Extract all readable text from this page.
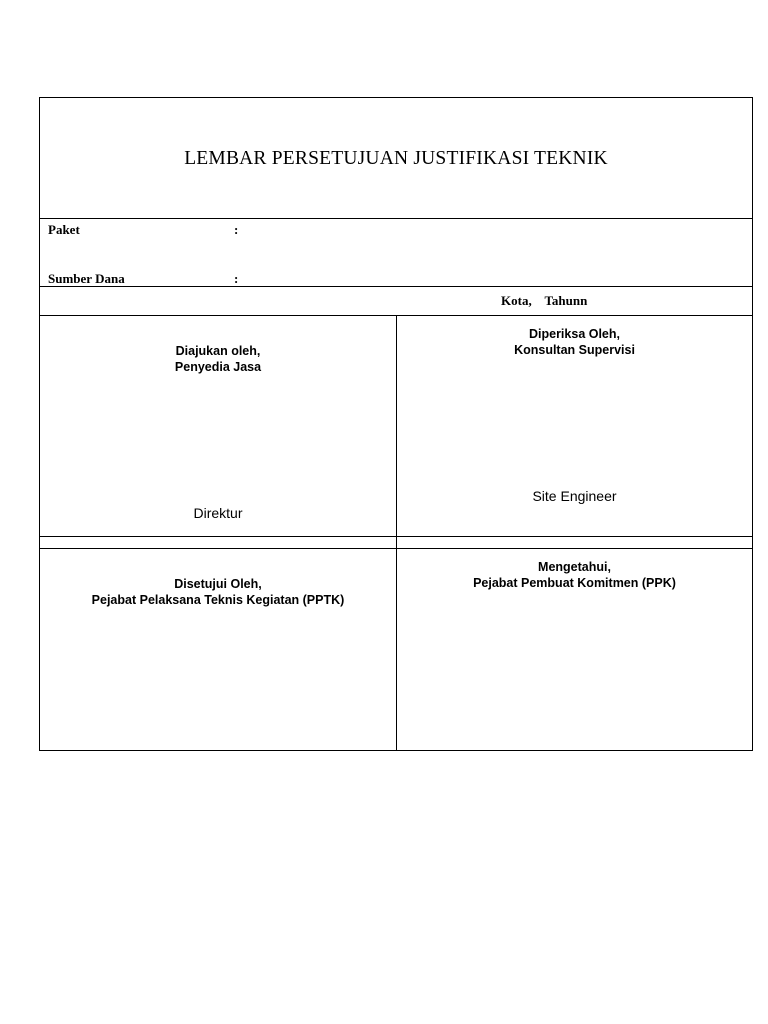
LEMBAR PERSETUJUAN JUSTIFIKASI TEKNIK
Paket	:
Sumber Dana	:
Kota,    Tahunn
Diajukan oleh,
Penyedia Jasa
Direktur
Diperiksa Oleh,
Konsultan Supervisi
Site Engineer
Disetujui Oleh,
Pejabat Pelaksana Teknis Kegiatan (PPTK)
Mengetahui,
Pejabat Pembuat Komitmen (PPK)
